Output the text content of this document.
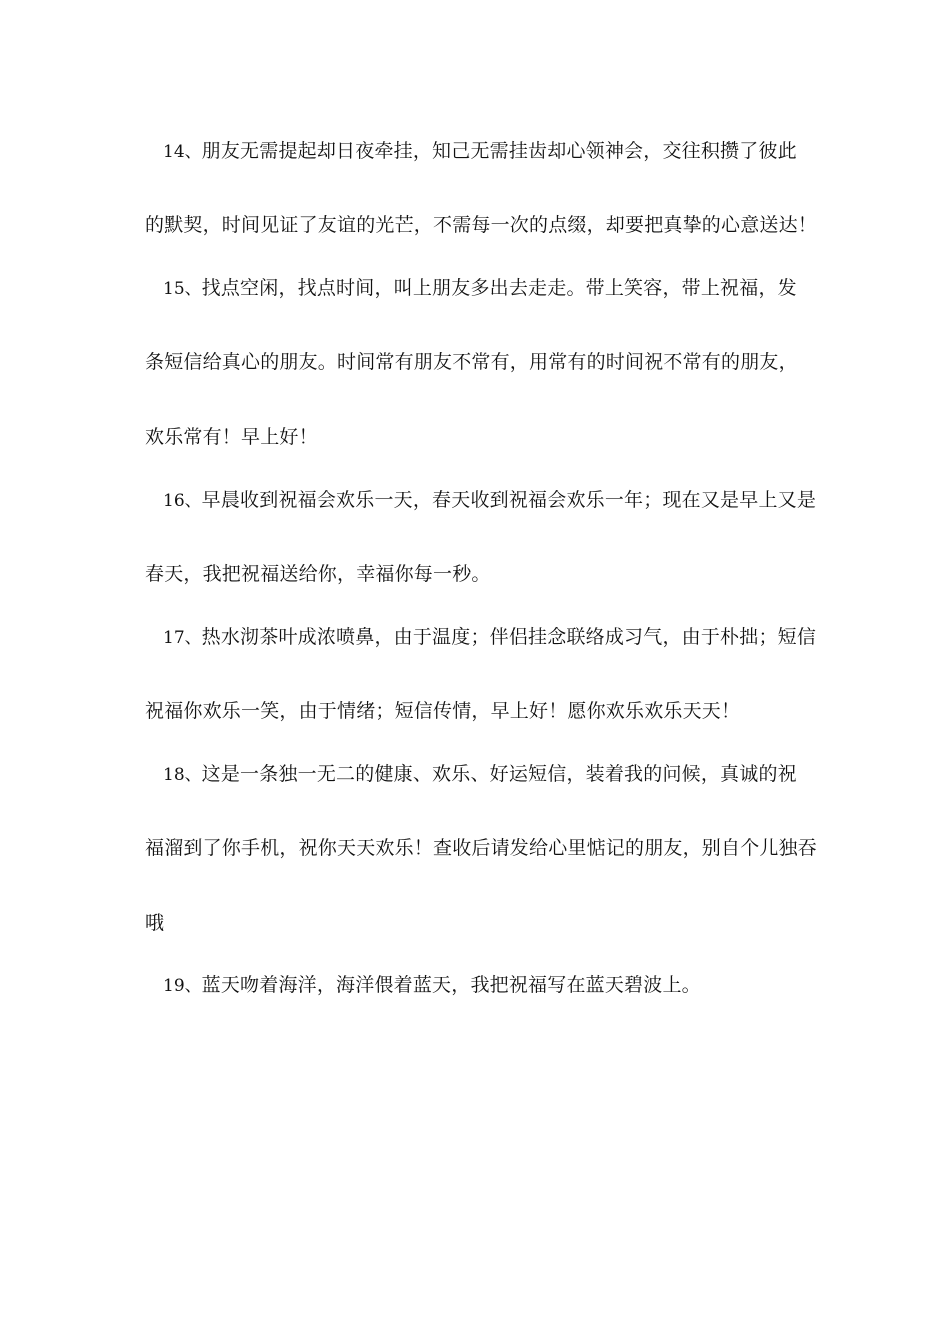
14、朋友无需提起却日夜牵挂，知己无需挂齿却心领神会，交往积攒了彼此
的默契，时间见证了友谊的光芒，不需每一次的点缀，却要把真挚的心意送达！
15、找点空闲，找点时间，叫上朋友多出去走走。带上笑容，带上祝福，发
条短信给真心的朋友。时间常有朋友不常有，用常有的时间祝不常有的朋友，
欢乐常有！早上好！
16、早晨收到祝福会欢乐一天，春天收到祝福会欢乐一年；现在又是早上又是
春天，我把祝福送给你，幸福你每一秒。
17、热水沏茶叶成浓喷鼻，由于温度；伴侣挂念联络成习气，由于朴拙；短信
祝福你欢乐一笑，由于情绪；短信传情，早上好！愿你欢乐欢乐天天！
18、这是一条独一无二的健康、欢乐、好运短信，装着我的问候，真诚的祝
福溜到了你手机，祝你天天欢乐！查收后请发给心里惦记的朋友，别自个儿独吞
哦
19、蓝天吻着海洋，海洋偎着蓝天，我把祝福写在蓝天碧波上。
